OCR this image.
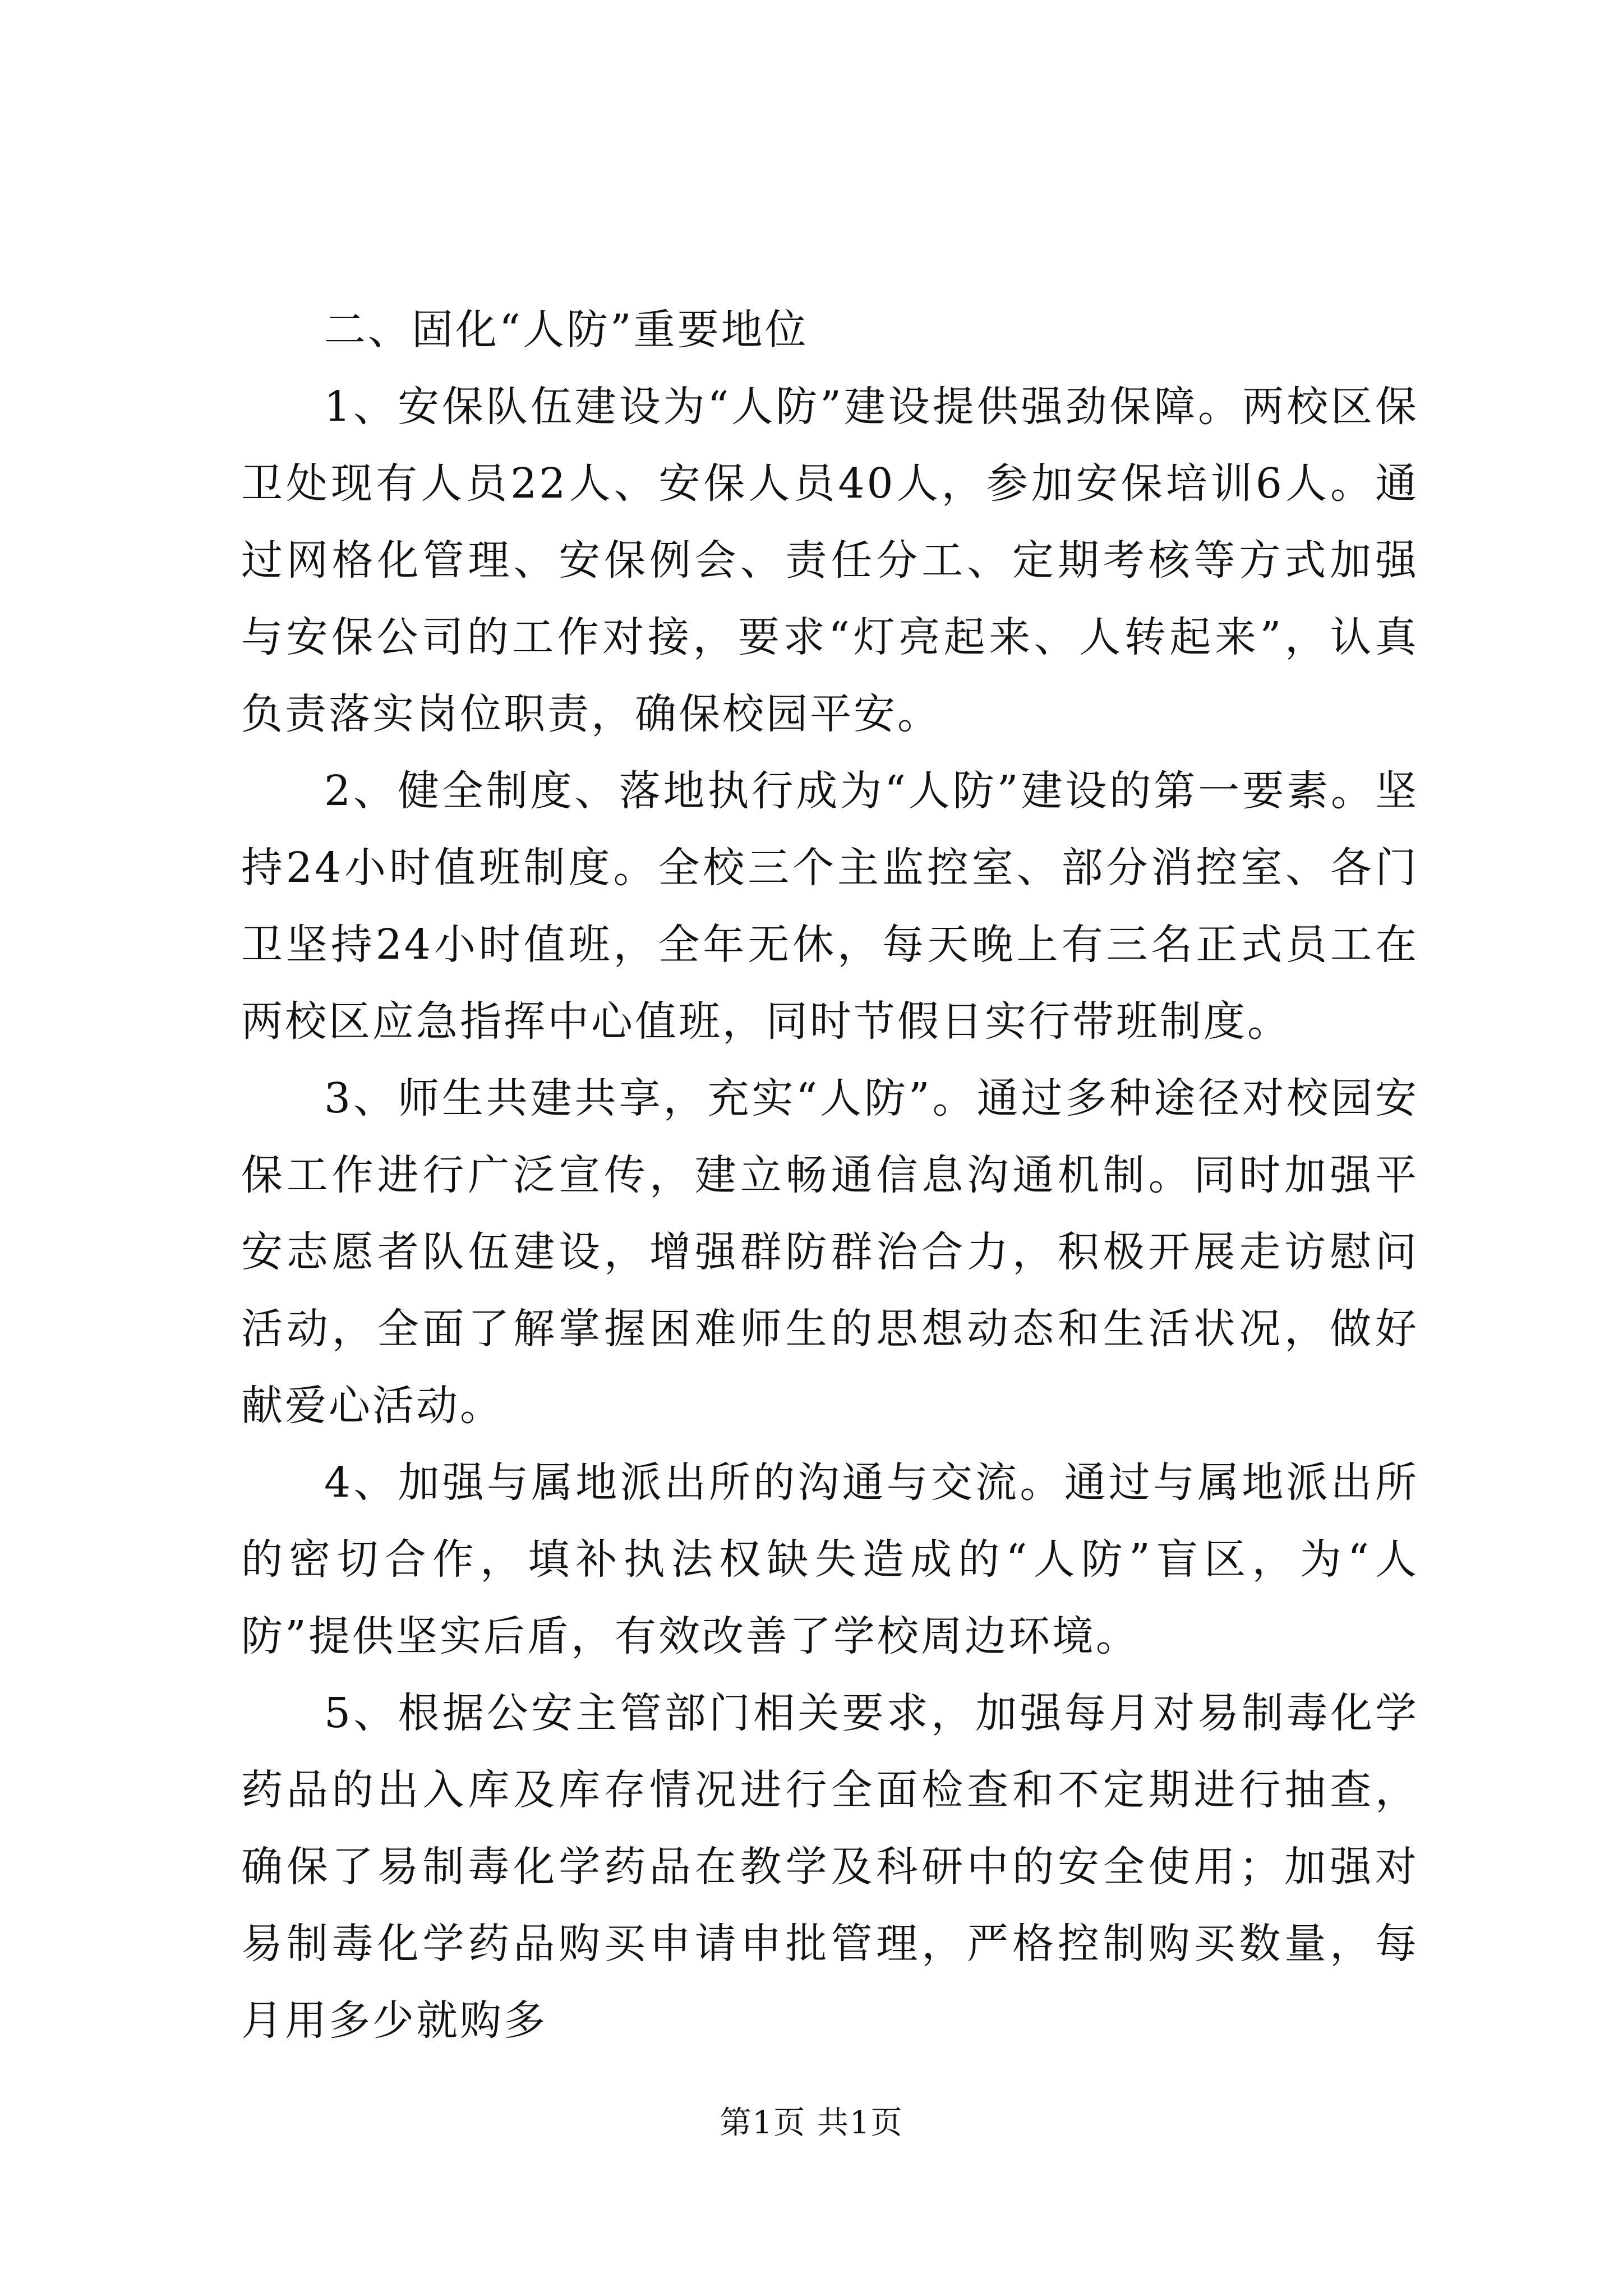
二、固化“人防”重要地位

1、安保队伍建设为“人防”建设提供强劲保障。两校区保卫处现有人员22人、安保人员40人，参加安保培训6人。通过网格化管理、安保例会、责任分工、定期考核等方式加强与安保公司的工作对接，要求“灯亮起来、人转起来”，认真负责落实岗位职责，确保校园平安。

2、健全制度、落地执行成为“人防”建设的第一要素。坚持24小时值班制度。全校三个主监控室、部分消控室、各门卫坚持24小时值班，全年无休，每天晚上有三名正式员工在两校区应急指挥中心值班，同时节假日实行带班制度。

3、师生共建共享，充实“人防”。通过多种途径对校园安保工作进行广泛宣传，建立畅通信息沟通机制。同时加强平安志愿者队伍建设，增强群防群治合力，积极开展走访慰问活动，全面了解掌握困难师生的思想动态和生活状况，做好献爱心活动。

4、加强与属地派出所的沟通与交流。通过与属地派出所的密切合作，填补执法权缺失造成的“人防”盲区，为“人防”提供坚实后盾，有效改善了学校周边环境。

5、根据公安主管部门相关要求，加强每月对易制毒化学药品的出入库及库存情况进行全面检查和不定期进行抽查，确保了易制毒化学药品在教学及科研中的安全使用；加强对易制毒化学药品购买申请申批管理，严格控制购买数量，每月用多少就购多

第1页 共1页
